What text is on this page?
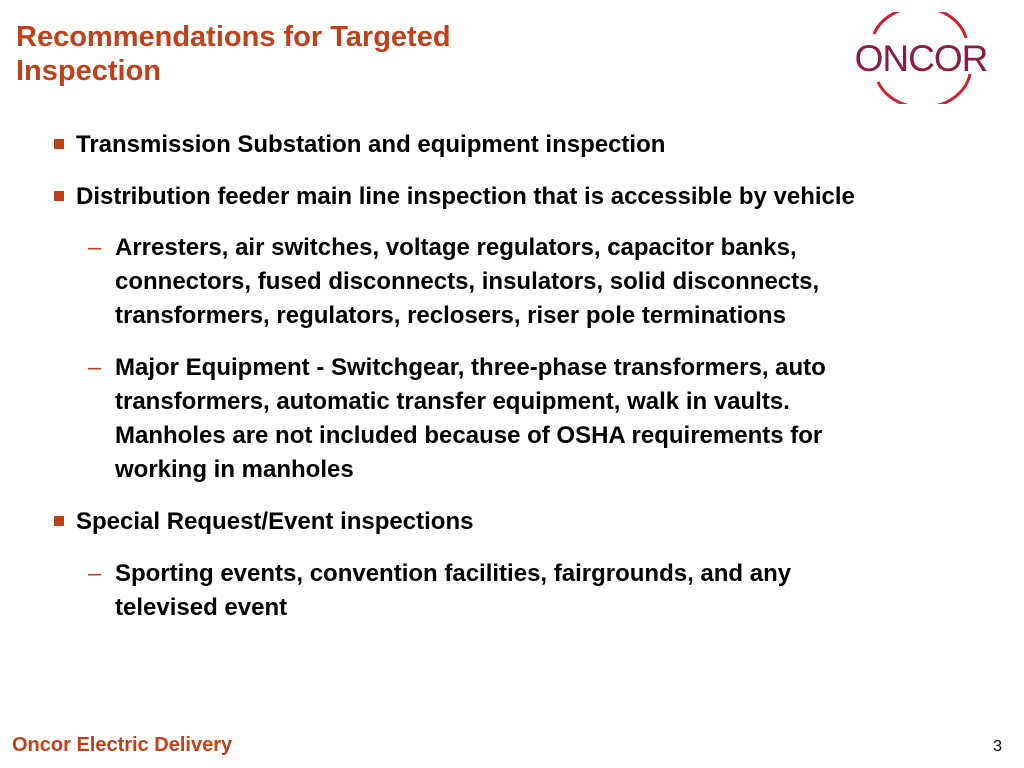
Recommendations for Targeted
Inspection	ONCOR
Transmission Substation and equipment inspection
Distribution feeder main line inspection that is accessible by vehicle
– Arresters, air switches, voltage regulators, capacitor banks,
connectors, fused disconnects, insulators, solid disconnects,
transformers, regulators, reclosers, riser pole terminations
– Major Equipment - Switchgear, three-phase transformers, auto
transformers, automatic transfer equipment, walk in vaults.
Manholes are not included because of OSHA requirements for
working in manholes
Special Request/Event inspections
– Sporting events, convention facilities, fairgrounds, and any
televised event
Oncor Electric Delivery	3
